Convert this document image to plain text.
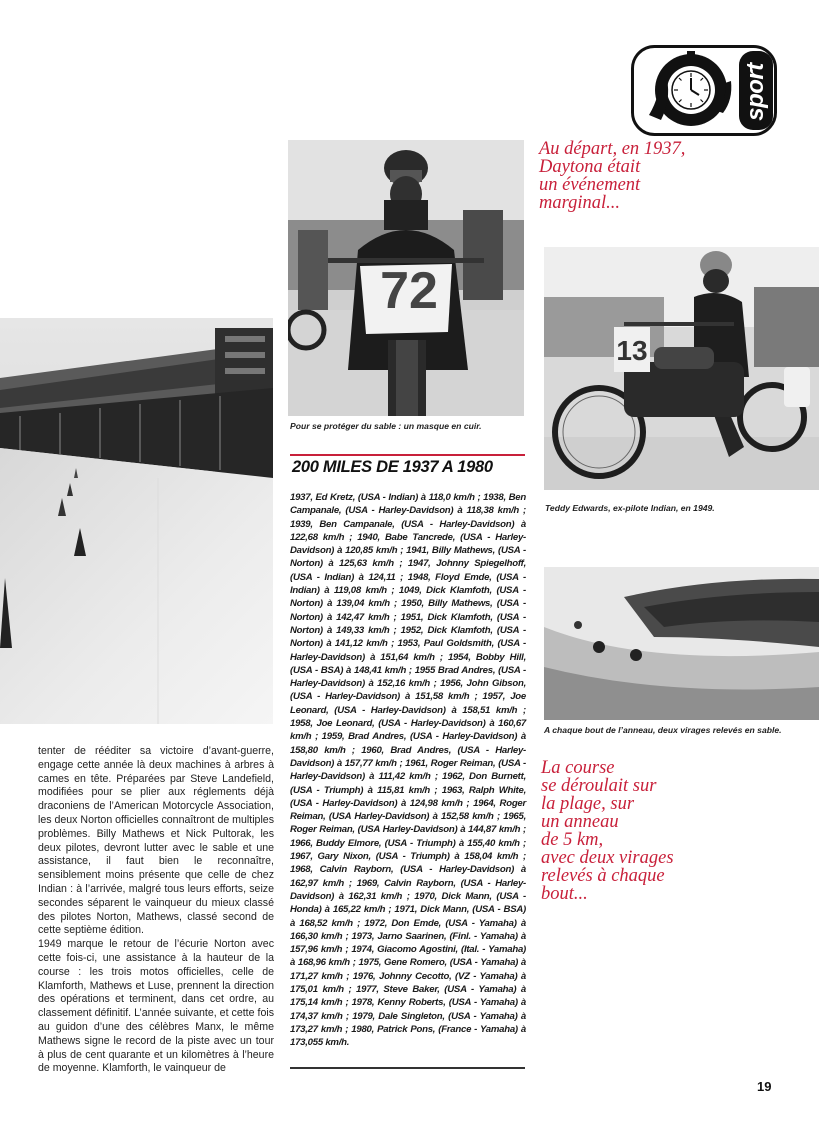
72
Pour se protéger du sable : un masque en cuir.
13
Teddy Edwards, ex-pilote Indian, en 1949.
A chaque bout de l’anneau, deux virages relevés en sable.
sport
Au départ, en 1937,
Daytona était
un événement
marginal...
La course
se déroulait sur
la plage, sur
un anneau
de 5 km,
avec deux virages
relevés à chaque
bout...

tenter de rééditer sa victoire d’avant-guerre, engage cette année là deux machines à arbres à cames en tête. Préparées par Steve Landefield, modifiées pour se plier aux réglements déjà draconiens de l’American Motorcycle Association, les deux Norton officielles connaîtront de multiples problèmes. Billy Mathews et Nick Pultorak, les deux pilotes, devront lutter avec le sable et une assistance, il faut bien le reconnaître, sensiblement moins présente que celle de chez Indian : à l’arrivée, malgré tous leurs efforts, seize secondes séparent le vainqueur du mieux classé des pilotes Norton, Mathews, classé second de cette septième édition.

1949 marque le retour de l’écurie Norton avec cette fois-ci, une assistance à la hauteur de la course : les trois motos officielles, celle de Klamforth, Mathews et Luse, prennent la direction des opérations et terminent, dans cet ordre, au classement définitif. L’année suivante, et cette fois au guidon d’une des célèbres Manx, le même Mathews signe le record de la piste avec un tour à plus de cent quarante et un kilomètres à l’heure de moyenne. Klamforth, le vainqueur de

200 MILES DE 1937 A 1980
1937, Ed Kretz, (USA - Indian) à 118,0 km/h ; 1938, Ben Campanale, (USA - Harley-Davidson) à 118,38 km/h ; 1939, Ben Campanale, (USA - Harley-Davidson) à 122,68 km/h ; 1940, Babe Tancrede, (USA - Harley-Davidson) à 120,85 km/h ; 1941, Billy Mathews, (USA - Norton) à 125,63 km/h ; 1947, Johnny Spiegelhoff, (USA - Indian) à 124,11 ; 1948, Floyd Emde, (USA - Indian) à 119,08 km/h ; 1049, Dick Klamfoth, (USA - Norton) à 139,04 km/h ; 1950, Billy Mathews, (USA - Norton) à 142,47 km/h ; 1951, Dick Klamfoth, (USA - Norton) à 149,33 km/h ; 1952, Dick Klamfoth, (USA - Norton) à 141,12 km/h ; 1953, Paul Goldsmith, (USA - Harley-Davidson) à 151,64 km/h ; 1954, Bobby Hill, (USA - BSA) à 148,41 km/h ; 1955 Brad Andres, (USA - Harley-Davidson) à 152,16 km/h ; 1956, John Gibson, (USA - Harley-Davidson) à 151,58 km/h ; 1957, Joe Leonard, (USA - Harley-Davidson) à 158,51 km/h ; 1958, Joe Leonard, (USA - Harley-Davidson) à 160,67 km/h ; 1959, Brad Andres, (USA - Harley-Davidson) à 158,80 km/h ; 1960, Brad Andres, (USA - Harley-Davidson) à 157,77 km/h ; 1961, Roger Reiman, (USA - Harley-Davidson) à 111,42 km/h ; 1962, Don Burnett, (USA - Triumph) à 115,81 km/h ; 1963, Ralph White, (USA - Harley-Davidson) à 124,98 km/h ; 1964, Roger Reiman, (USA Harley-Davidson) à 152,58 km/h ; 1965, Roger Reiman, (USA Harley-Davidson) à 144,87 km/h ; 1966, Buddy Elmore, (USA - Triumph) à 155,40 km/h ; 1967, Gary Nixon, (USA - Triumph) à 158,04 km/h ; 1968, Calvin Rayborn, (USA - Harley-Davidson) à 162,97 km/h ; 1969, Calvin Rayborn, (USA - Harley-Davidson) à 162,31 km/h ; 1970, Dick Mann, (USA - Honda) à 165,22 km/h ; 1971, Dick Mann, (USA - BSA) à 168,52 km/h ; 1972, Don Emde, (USA - Yamaha) à 166,30 km/h ; 1973, Jarno Saarinen, (Finl. - Yamaha) à 157,96 km/h ; 1974, Giacomo Agostini, (Ital. - Yamaha) à 168,96 km/h ; 1975, Gene Romero, (USA - Yamaha) à 171,27 km/h ; 1976, Johnny Cecotto, (VZ - Yamaha) à 175,01 km/h ; 1977, Steve Baker, (USA - Yamaha) à 175,14 km/h ; 1978, Kenny Roberts, (USA - Yamaha) à 174,37 km/h ; 1979, Dale Singleton, (USA - Yamaha) à 173,27 km/h ; 1980, Patrick Pons, (France - Yamaha) à 173,055 km/h.
19
